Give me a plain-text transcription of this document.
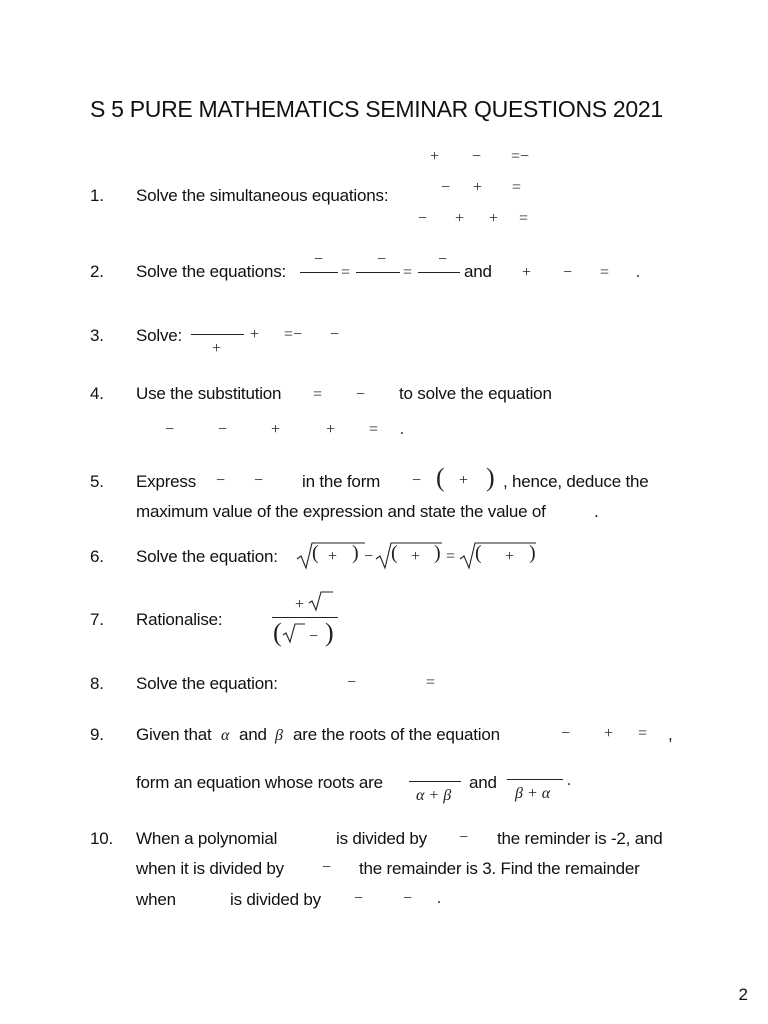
S 5 PURE MATHEMATICS SEMINAR QUESTIONS 2021
1. Solve the simultaneous equations:
+ − =−
− + =
− + + =
2. Solve the equations:	and
−
=
−
=
−
+ − = .
3. Solve:
+
+ =− −
4. Use the substitution	to solve the equation
= −
−	−	+	+ = .
5. Express	in the form	, hence, deduce the
maximum value of the expression and state the value of	.
− −	− ( + )
6. Solve the equation: ( + ) − ( + ) = ( + )
7. Rationalise:
+
( − )
8. Solve the equation:	−	=
9. Given that and are the roots of the equation	,
α	β	− + =
form an equation whose roots are	and
α + β	β + α
.
10. When a polynomial	is divided by	the reminder is -2, and
when it is divided by	the remainder is 3. Find the remainder
when	is divided by
−
−
− − .
2
